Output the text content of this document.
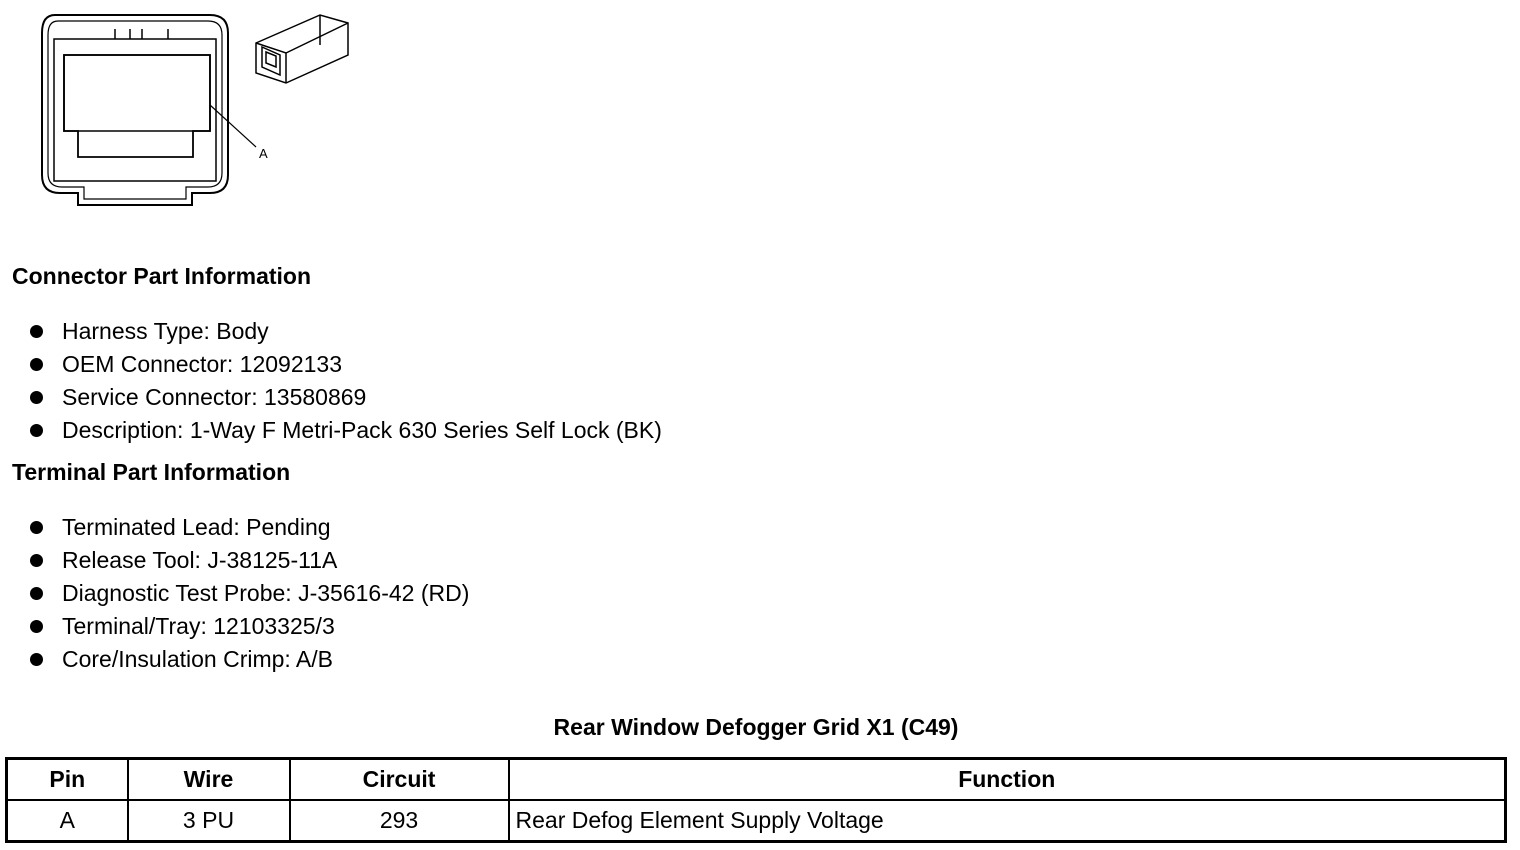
A
Connector Part Information
Harness Type: Body
OEM Connector: 12092133
Service Connector: 13580869
Description: 1-Way F Metri-Pack 630 Series Self Lock (BK)
Terminal Part Information
Terminated Lead: Pending
Release Tool: J-38125-11A
Diagnostic Test Probe: J-35616-42 (RD)
Terminal/Tray: 12103325/3
Core/Insulation Crimp: A/B
Rear Window Defogger Grid X1 (C49)
Pin	Wire	Circuit	Function
A	3 PU	293	Rear Defog Element Supply Voltage
